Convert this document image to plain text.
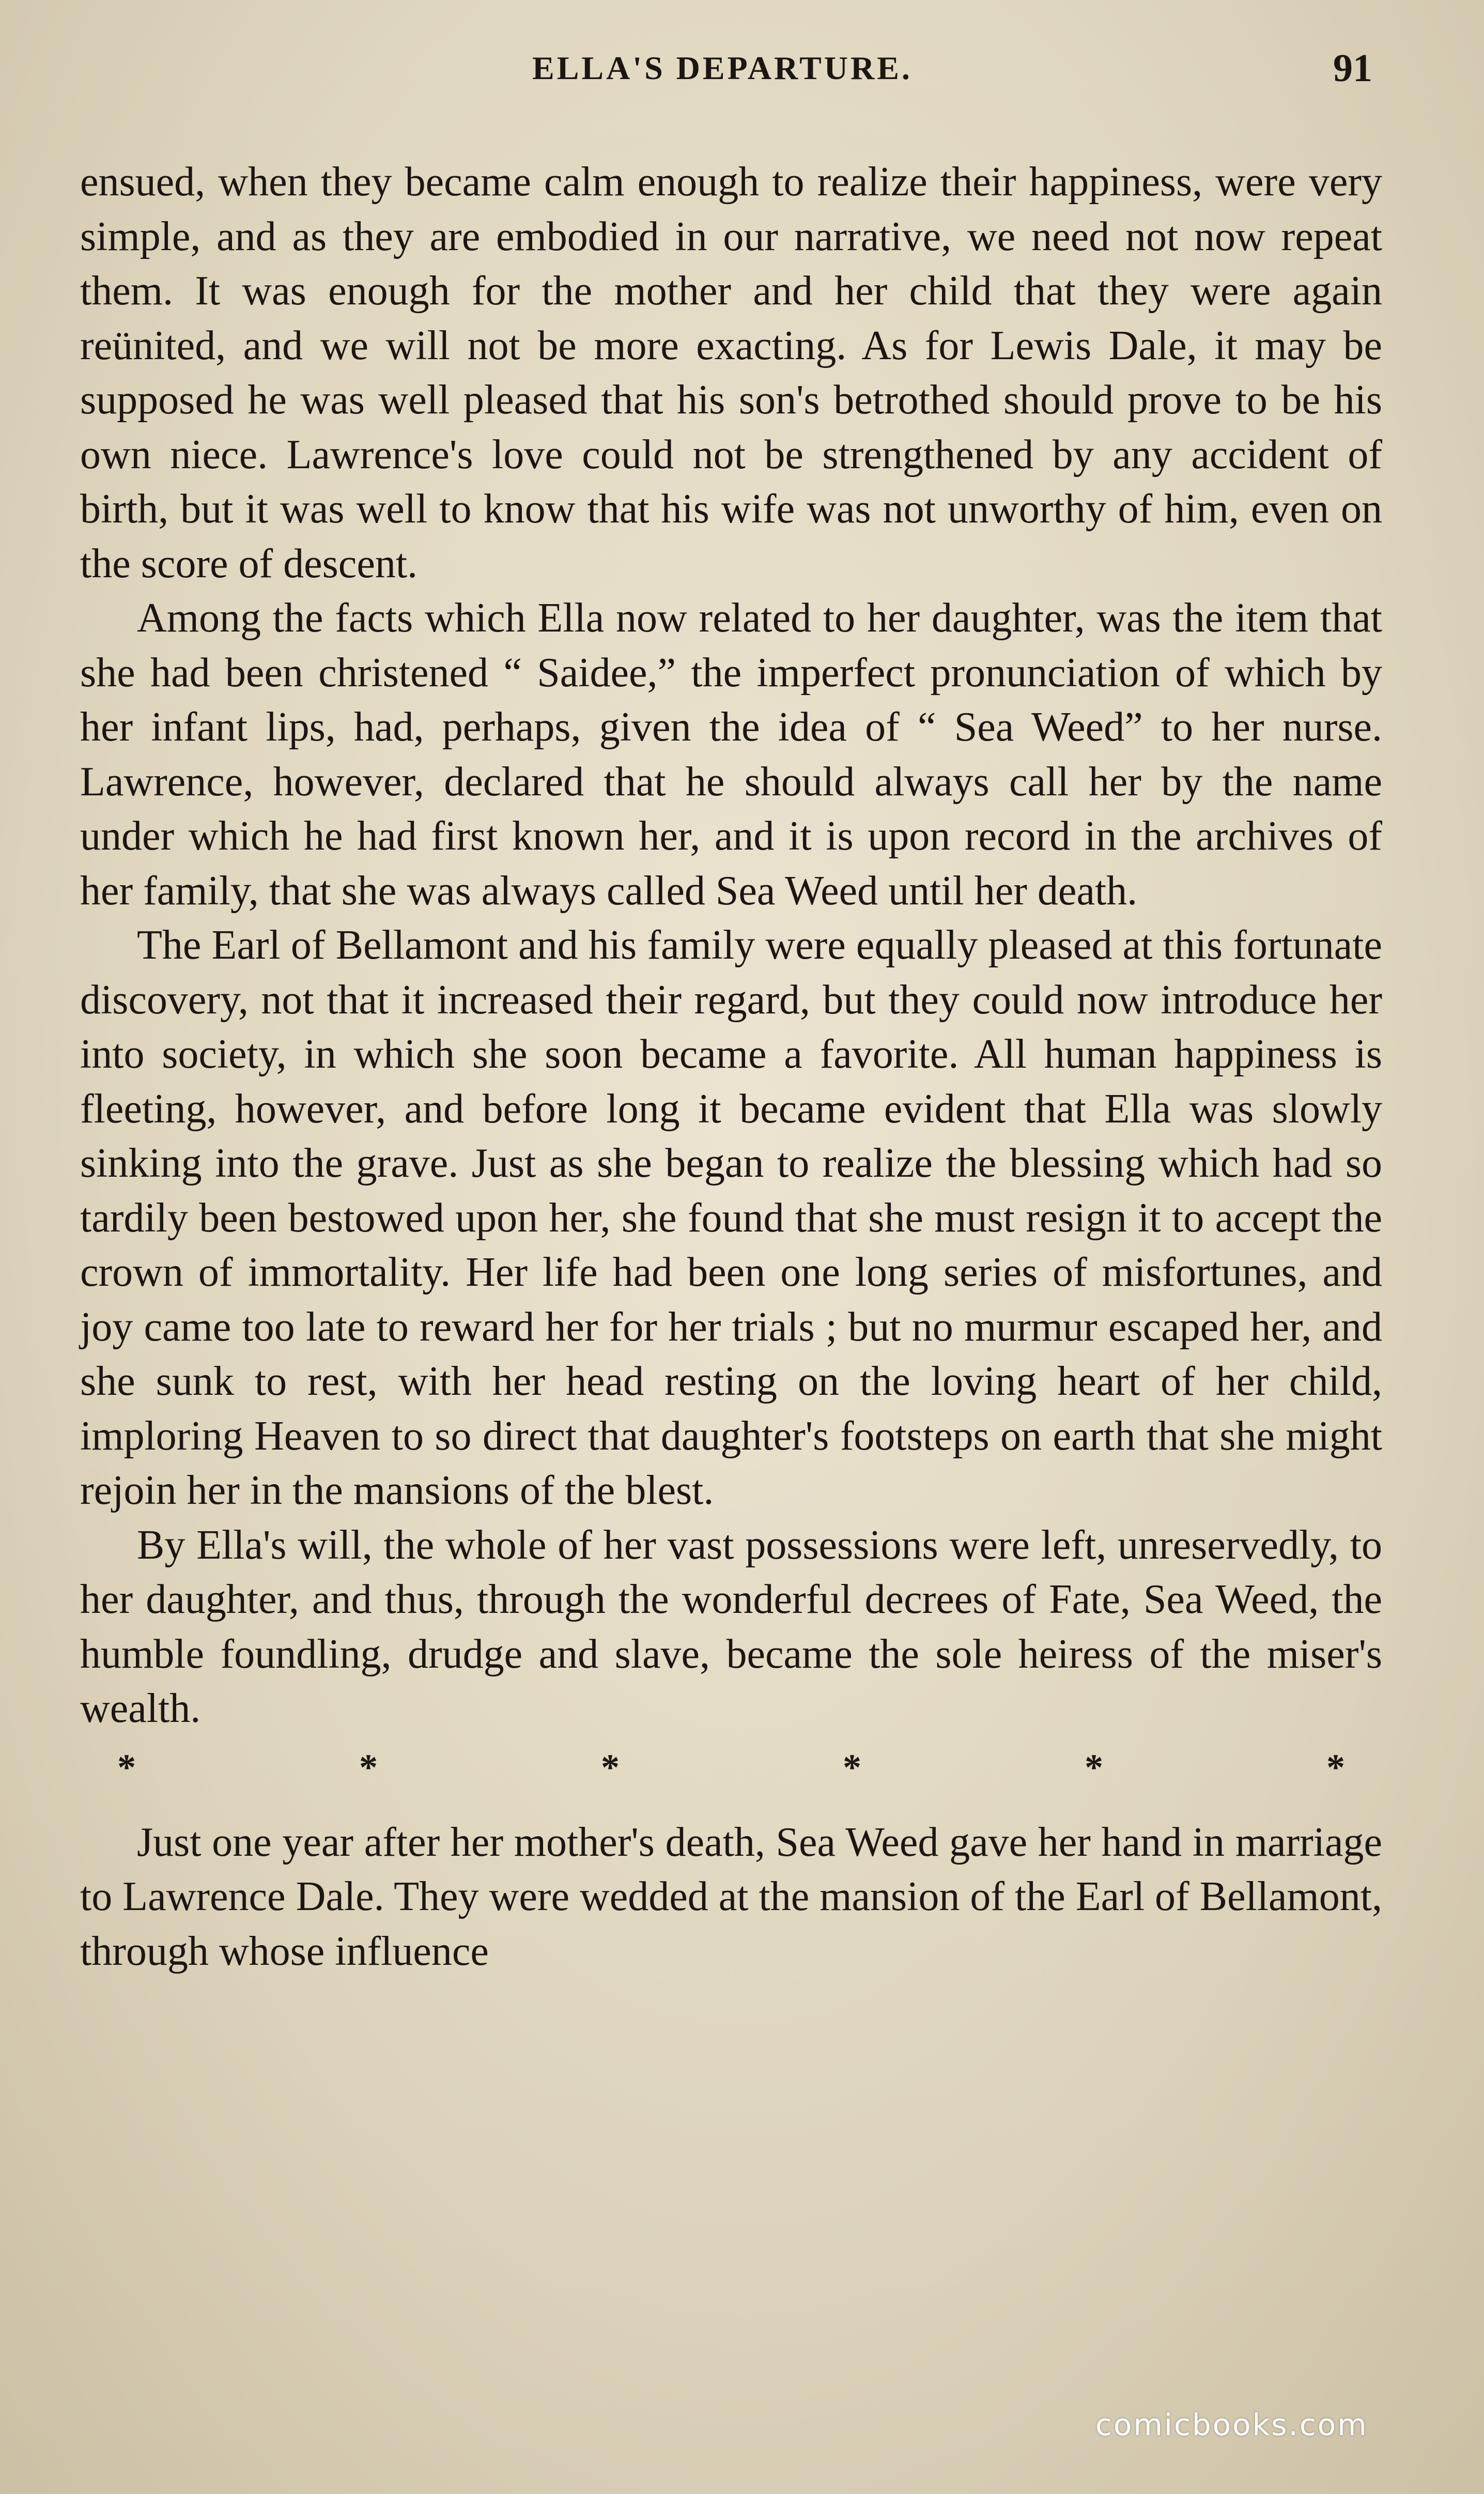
ELLA'S DEPARTURE.	91

ensued, when they became calm enough to realize their happiness, were very simple, and as they are embodied in our narrative, we need not now repeat them. It was enough for the mother and her child that they were again reünited, and we will not be more exacting. As for Lewis Dale, it may be supposed he was well pleased that his son's betrothed should prove to be his own niece. Lawrence's love could not be strengthened by any accident of birth, but it was well to know that his wife was not unworthy of him, even on the score of descent.

Among the facts which Ella now related to her daughter, was the item that she had been christened “ Saidee,” the imperfect pronunciation of which by her infant lips, had, perhaps, given the idea of “ Sea Weed” to her nurse. Lawrence, however, declared that he should always call her by the name under which he had first known her, and it is upon record in the archives of her family, that she was always called Sea Weed until her death.

The Earl of Bellamont and his family were equally pleased at this fortunate discovery, not that it increased their regard, but they could now introduce her into society, in which she soon became a favorite. All human happiness is fleeting, however, and before long it became evident that Ella was slowly sinking into the grave. Just as she began to realize the blessing which had so tardily been bestowed upon her, she found that she must resign it to accept the crown of immortality. Her life had been one long series of misfortunes, and joy came too late to reward her for her trials ; but no murmur escaped her, and she sunk to rest, with her head resting on the loving heart of her child, imploring Heaven to so direct that daughter's footsteps on earth that she might rejoin her in the mansions of the blest.

By Ella's will, the whole of her vast possessions were left, unreservedly, to her daughter, and thus, through the wonderful decrees of Fate, Sea Weed, the humble foundling, drudge and slave, became the sole heiress of the miser's wealth.

*	*	*	*	*	*

Just one year after her mother's death, Sea Weed gave her hand in marriage to Lawrence Dale. They were wedded at the mansion of the Earl of Bellamont, through whose influence

comicbooks.com
